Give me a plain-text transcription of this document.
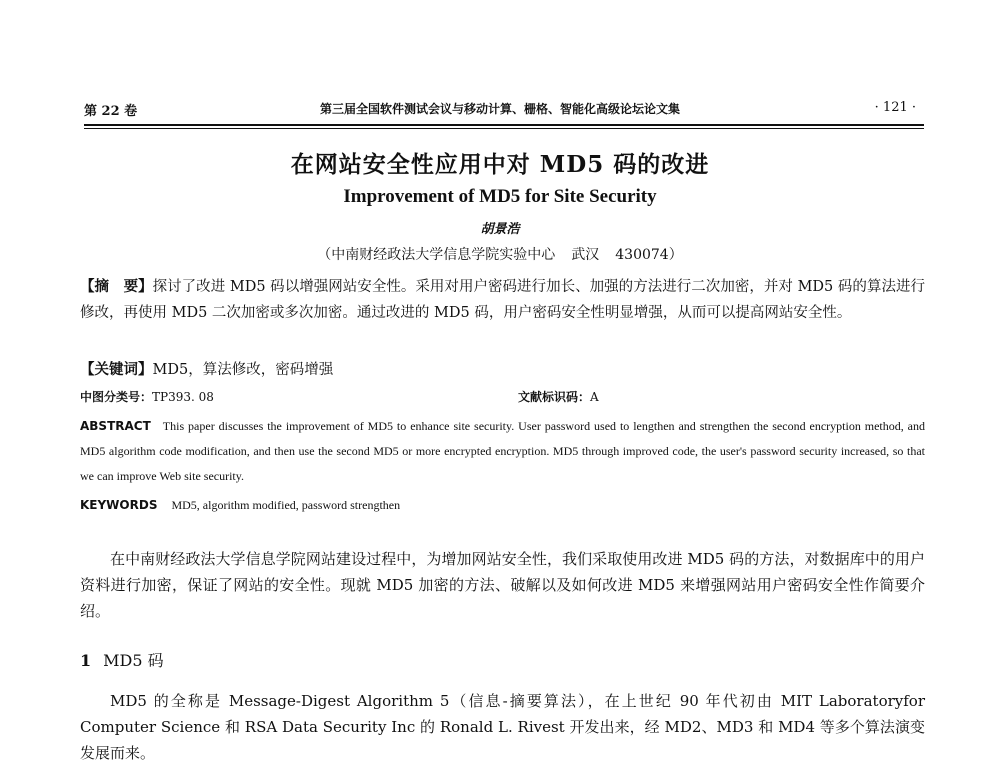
第 22 卷	第三届全国软件测试会议与移动计算、栅格、智能化高级论坛论文集	· 121 ·
在网站安全性应用中对 MD5 码的改进
Improvement of MD5 for Site Security
胡景浩
（中南财经政法大学信息学院实验中心 武汉 430074）
【摘　要】探讨了改进 MD5 码以增强网站安全性。采用对用户密码进行加长、加强的方法进行二次加密，并对 MD5 码的算法进行修改，再使用 MD5 二次加密或多次加密。通过改进的 MD5 码，用户密码安全性明显增强，从而可以提高网站安全性。
【关键词】MD5，算法修改，密码增强
中图分类号：TP393. 08	文献标识码：A
ABSTRACT This paper discusses the improvement of MD5 to enhance site security. User password used to lengthen and strengthen the second encryption method, and MD5 algorithm code modification, and then use the second MD5 or more encrypted encryption. MD5 through improved code, the user's password security increased, so that we can improve Web site security.
KEYWORDS MD5, algorithm modified, password strengthen
在中南财经政法大学信息学院网站建设过程中，为增加网站安全性，我们采取使用改进 MD5 码的方法，对数据库中的用户资料进行加密，保证了网站的安全性。现就 MD5 加密的方法、破解以及如何改进 MD5 来增强网站用户密码安全性作简要介绍。
1 MD5 码
MD5 的全称是 Message-Digest Algorithm 5（信息-摘要算法），在上世纪 90 年代初由 MIT Laboratoryfor Computer Science 和 RSA Data Security Inc 的 Ronald L. Rivest 开发出来，经 MD2、MD3 和 MD4 等多个算法演变发展而来。
